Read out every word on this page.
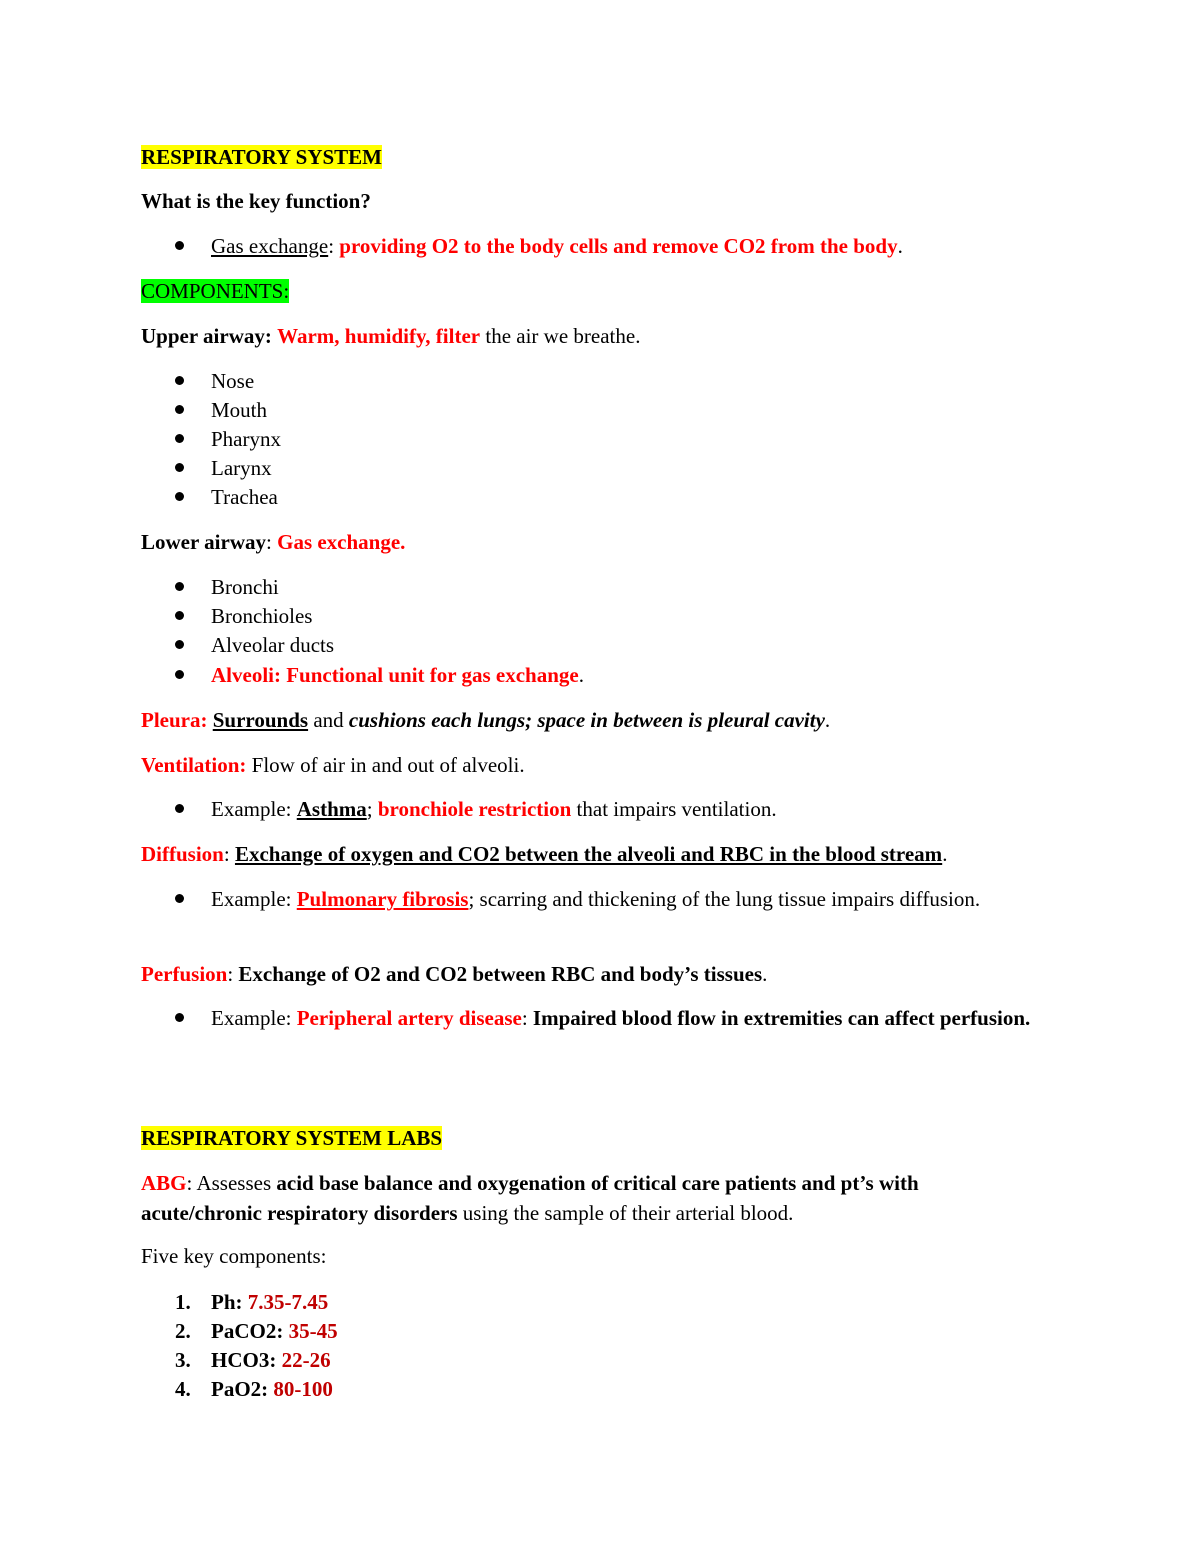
RESPIRATORY SYSTEM
What is the key function?
Gas exchange: providing O2 to the body cells and remove CO2 from the body.
COMPONENTS:
Upper airway: Warm, humidify, filter the air we breathe.
Nose
Mouth
Pharynx
Larynx
Trachea
Lower airway: Gas exchange.
Bronchi
Bronchioles
Alveolar ducts
Alveoli: Functional unit for gas exchange.
Pleura: Surrounds and cushions each lungs; space in between is pleural cavity.
Ventilation: Flow of air in and out of alveoli.
Example: Asthma; bronchiole restriction that impairs ventilation.
Diffusion: Exchange of oxygen and CO2 between the alveoli and RBC in the blood stream.
Example: Pulmonary fibrosis; scarring and thickening of the lung tissue impairs diffusion.
Perfusion: Exchange of O2 and CO2 between RBC and body’s tissues.
Example: Peripheral artery disease: Impaired blood flow in extremities can affect perfusion.
RESPIRATORY SYSTEM LABS
ABG: Assesses acid base balance and oxygenation of critical care patients and pt’s with acute/chronic respiratory disorders using the sample of their arterial blood.
Five key components:
1. Ph: 7.35-7.45
2. PaCO2: 35-45
3. HCO3: 22-26
4. PaO2: 80-100
